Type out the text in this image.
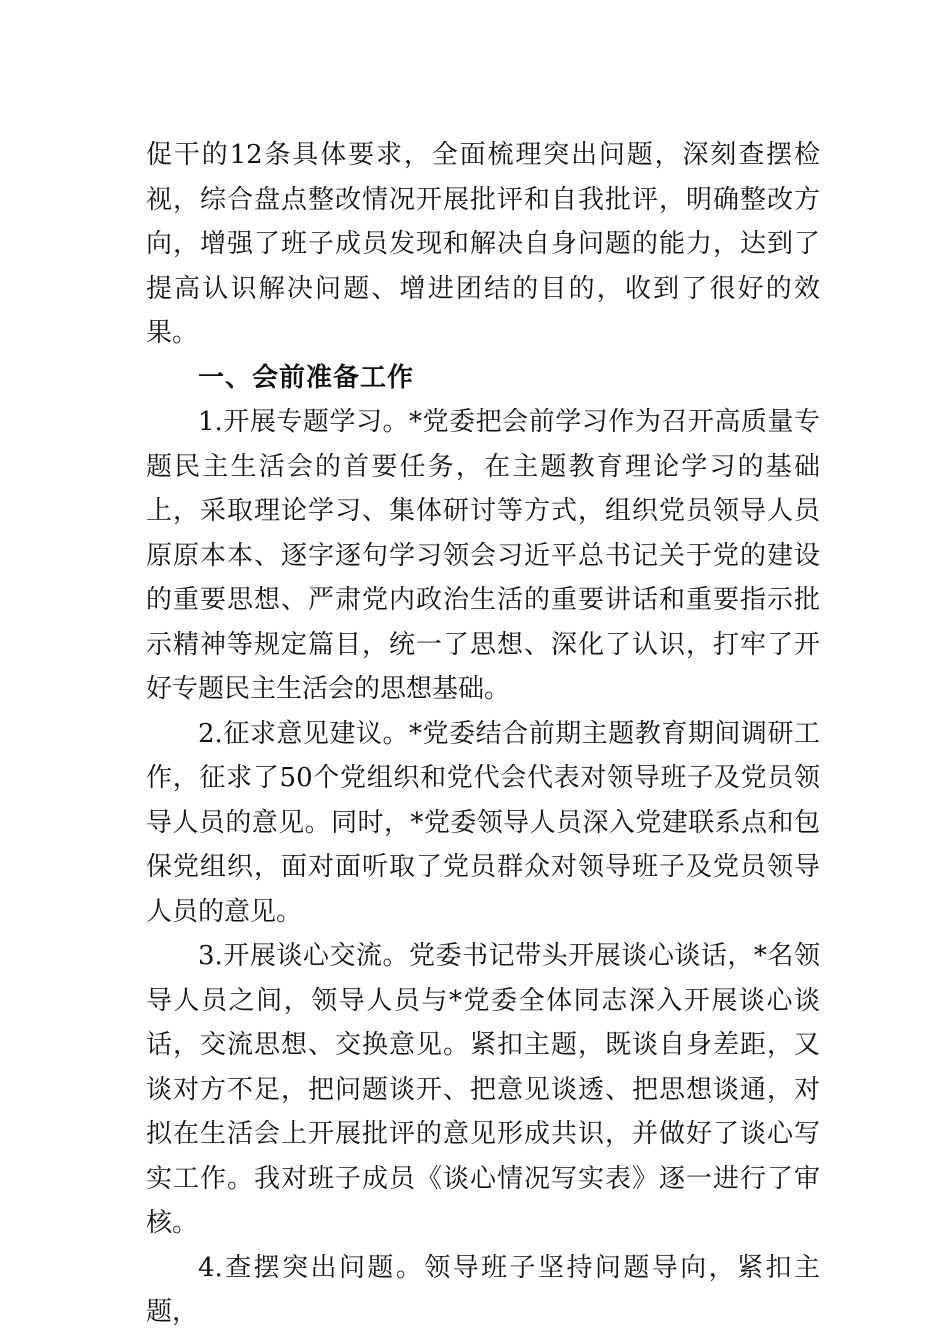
促干的12条具体要求，全面梳理突出问题，深刻查摆检视，综合盘点整改情况开展批评和自我批评，明确整改方向，增强了班子成员发现和解决自身问题的能力，达到了提高认识解决问题、增进团结的目的，收到了很好的效果。

一、会前准备工作

1.开展专题学习。*党委把会前学习作为召开高质量专题民主生活会的首要任务，在主题教育理论学习的基础上，采取理论学习、集体研讨等方式，组织党员领导人员原原本本、逐字逐句学习领会习近平总书记关于党的建设的重要思想、严肃党内政治生活的重要讲话和重要指示批示精神等规定篇目，统一了思想、深化了认识，打牢了开好专题民主生活会的思想基础。

2.征求意见建议。*党委结合前期主题教育期间调研工作，征求了50个党组织和党代会代表对领导班子及党员领导人员的意见。同时，*党委领导人员深入党建联系点和包保党组织，面对面听取了党员群众对领导班子及党员领导人员的意见。

3.开展谈心交流。党委书记带头开展谈心谈话，*名领导人员之间，领导人员与*党委全体同志深入开展谈心谈话，交流思想、交换意见。紧扣主题，既谈自身差距，又谈对方不足，把问题谈开、把意见谈透、把思想谈通，对拟在生活会上开展批评的意见形成共识，并做好了谈心写实工作。我对班子成员《谈心情况写实表》逐一进行了审核。

4.查摆突出问题。领导班子坚持问题导向，紧扣主题，
